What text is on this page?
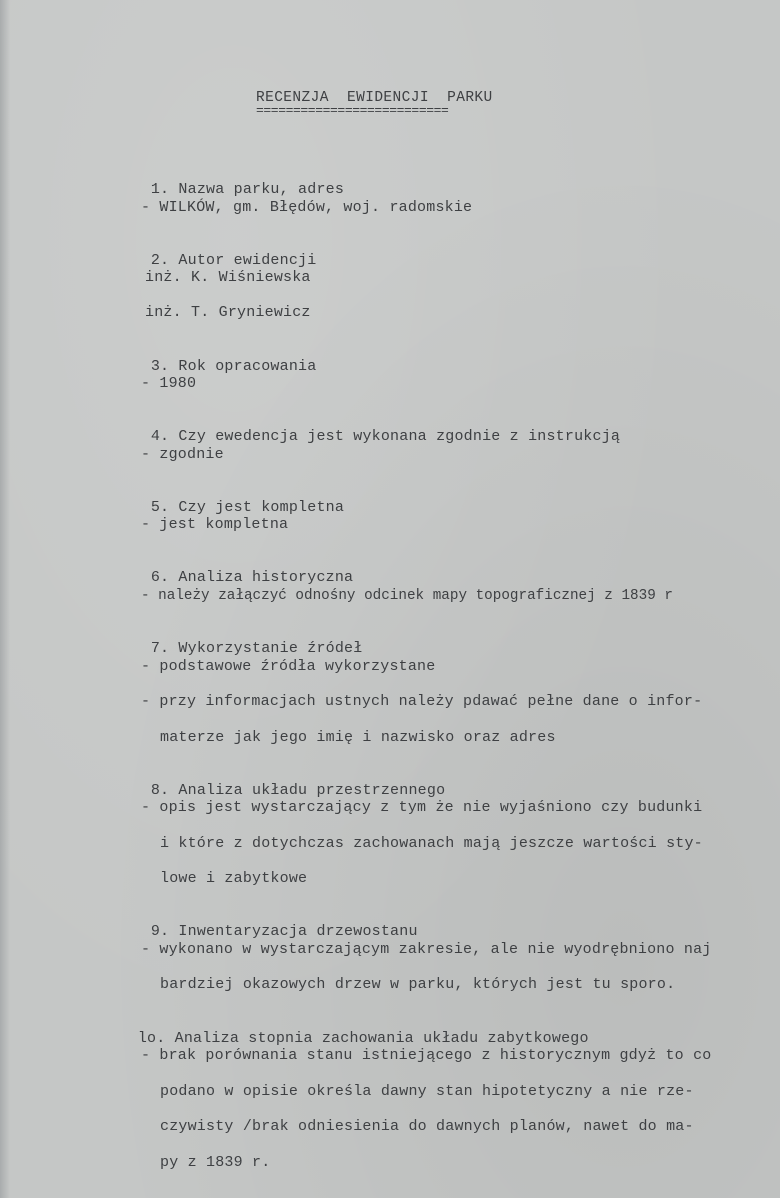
RECENZJA  EWIDENCJI  PARKU
==========================

1. Nazwa parku, adres

- WILKÓW, gm. Błędów, woj. radomskie

2. Autor ewidencji

inż. K. Wiśniewska
inż. T. Gryniewicz

3. Rok opracowania

- 1980

4. Czy ewedencja jest wykonana zgodnie z instrukcją

- zgodnie

5. Czy jest kompletna

- jest kompletna

6. Analiza historyczna

- należy załączyć odnośny odcinek mapy topograficznej z 1839 r

7. Wykorzystanie źródeł

- podstawowe źródła wykorzystane
- przy informacjach ustnych należy pdawać pełne dane o infor-
materze jak jego imię i nazwisko oraz adres

8. Analiza układu przestrzennego

- opis jest wystarczający z tym że nie wyjaśniono czy budunki
i które z dotychczas zachowanach mają jeszcze wartości sty-
lowe i zabytkowe

9. Inwentaryzacja drzewostanu

- wykonano w wystarczającym zakresie, ale nie wyodrębniono naj
bardziej okazowych drzew w parku, których jest tu sporo.

lo. Analiza stopnia zachowania układu zabytkowego

- brak porównania stanu istniejącego z historycznym gdyż to co
podano w opisie określa dawny stan hipotetyczny a nie rze-
czywisty /brak odniesienia do dawnych planów, nawet do ma-
py z 1839 r.
